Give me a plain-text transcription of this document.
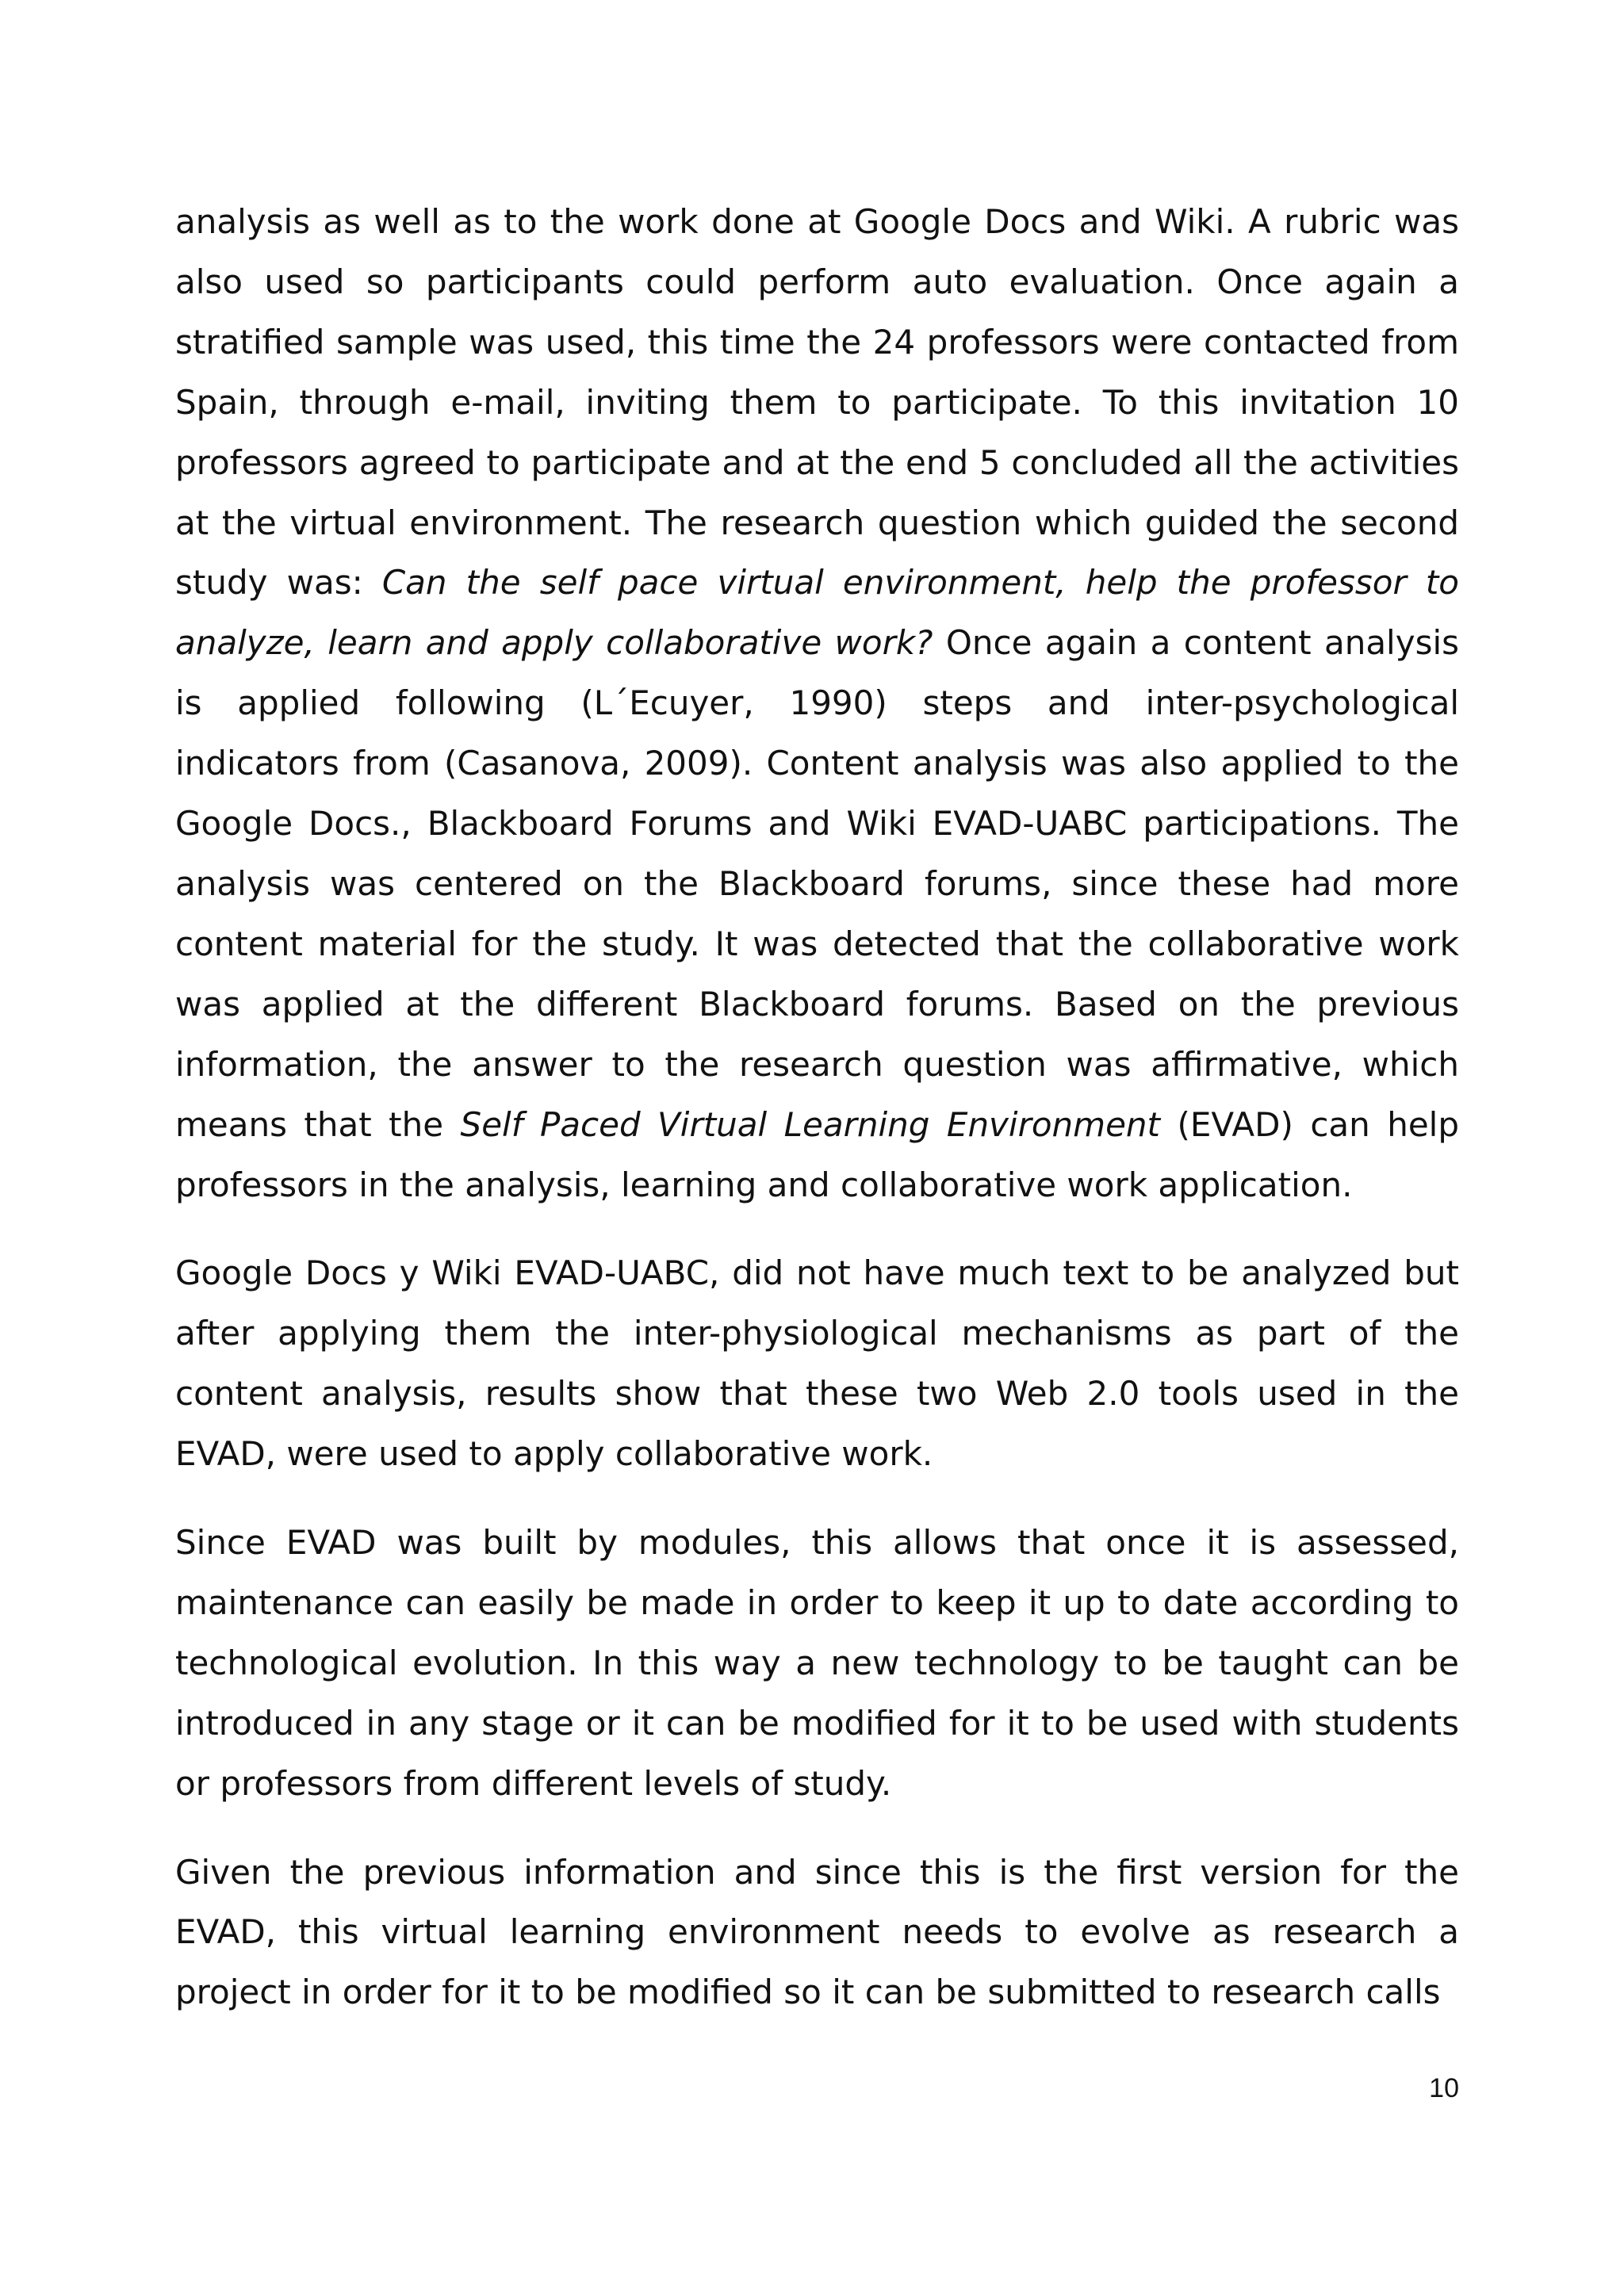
analysis as well as to the work done at Google Docs and Wiki. A rubric was also used so participants could perform auto evaluation. Once again a stratified sample was used, this time the 24 professors were contacted from Spain, through e-mail, inviting them to participate. To this invitation 10 professors agreed to participate and at the end 5 concluded all the activities at the virtual environment. The research question which guided the second study was: Can the self pace virtual environment, help the professor to analyze, learn and apply collaborative work? Once again a content analysis is applied following (L´Ecuyer, 1990) steps and inter-psychological indicators from (Casanova, 2009). Content analysis was also applied to the Google Docs., Blackboard Forums and Wiki EVAD-UABC participations. The analysis was centered on the Blackboard forums, since these had more content material for the study. It was detected that the collaborative work was applied at the different Blackboard forums. Based on the previous information, the answer to the research question was affirmative, which means that the Self Paced Virtual Learning Environment (EVAD) can help professors in the analysis, learning and collaborative work application.

Google Docs y Wiki EVAD-UABC, did not have much text to be analyzed but after applying them the inter-physiological mechanisms as part of the content analysis, results show that these two Web 2.0 tools used in the EVAD, were used to apply collaborative work.

Since EVAD was built by modules, this allows that once it is assessed, maintenance can easily be made in order to keep it up to date according to technological evolution. In this way a new technology to be taught can be introduced in any stage or it can be modified for it to be used with students or professors from different levels of study.

Given the previous information and since this is the first version for the EVAD, this virtual learning environment needs to evolve as research a project in order for it to be modified so it can be submitted to research calls

10
